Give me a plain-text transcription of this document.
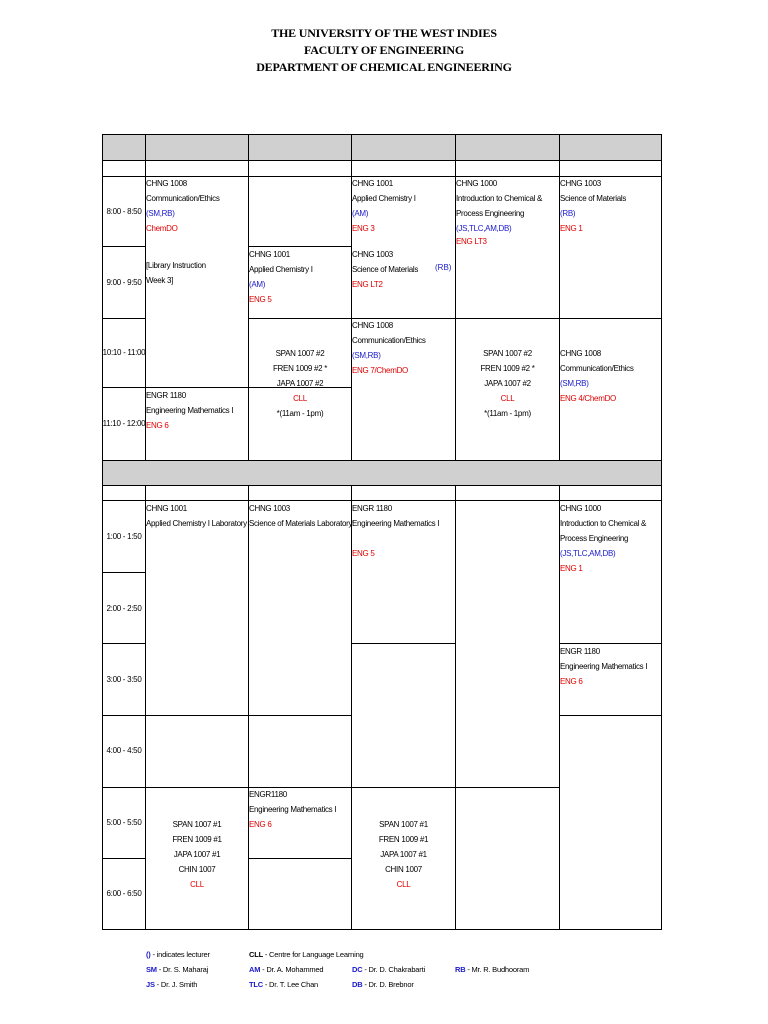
THE UNIVERSITY OF THE WEST INDIES
FACULTY OF ENGINEERING
DEPARTMENT OF CHEMICAL ENGINEERING
8:00 - 8:50
9:00 - 9:50
10:10 - 11:00
11:10 - 12:00
1:00 - 1:50
2:00 - 2:50
3:00 - 3:50
4:00 - 4:50
5:00 - 5:50
6:00 - 6:50
CHNG 1008
Communication/Ethics
(SM,RB)
ChemDO
[Library Instruction
Week 3]
ENGR 1180
Engineering Mathematics I
ENG 6
CHNG 1001
Applied Chemistry I
(AM)
ENG 5
SPAN 1007 #2
FREN 1009 #2 *
JAPA 1007 #2
CLL
*(11am - 1pm)
CHNG 1001
Applied Chemistry I
(AM)
ENG 3
CHNG 1003
Science of Materials
ENG LT2
(RB)
CHNG 1008
Communication/Ethics
(SM,RB)
ENG 7/ChemDO
CHNG 1000
Introduction to Chemical &
Process Engineering
(JS,TLC,AM,DB)
ENG LT3
SPAN 1007 #2
FREN 1009 #2 *
JAPA 1007 #2
CLL
*(11am - 1pm)
CHNG 1003
Science of Materials
(RB)
ENG 1
CHNG 1008
Communication/Ethics
(SM,RB)
ENG 4/ChemDO
CHNG 1001
Applied Chemistry I Laboratory
SPAN 1007 #1
FREN 1009 #1
JAPA 1007 #1
CHIN 1007
CLL
CHNG 1003
Science of Materials Laboratory
ENGR1180
Engineering Mathematics I
ENG 6
ENGR 1180
Engineering Mathematics I
ENG 5
SPAN 1007 #1
FREN 1009 #1
JAPA 1007 #1
CHIN 1007
CLL
CHNG 1000
Introduction to Chemical &
Process Engineering
(JS,TLC,AM,DB)
ENG 1
ENGR 1180
Engineering Mathematics I
ENG 6
() - indicates lecturer
SM - Dr. S. Maharaj
JS - Dr. J. Smith
CLL - Centre for Language Learning
AM - Dr. A. Mohammed
TLC - Dr. T. Lee Chan
DC - Dr. D. Chakrabarti
DB - Dr. D. Brebnor
RB - Mr. R. Budhooram
